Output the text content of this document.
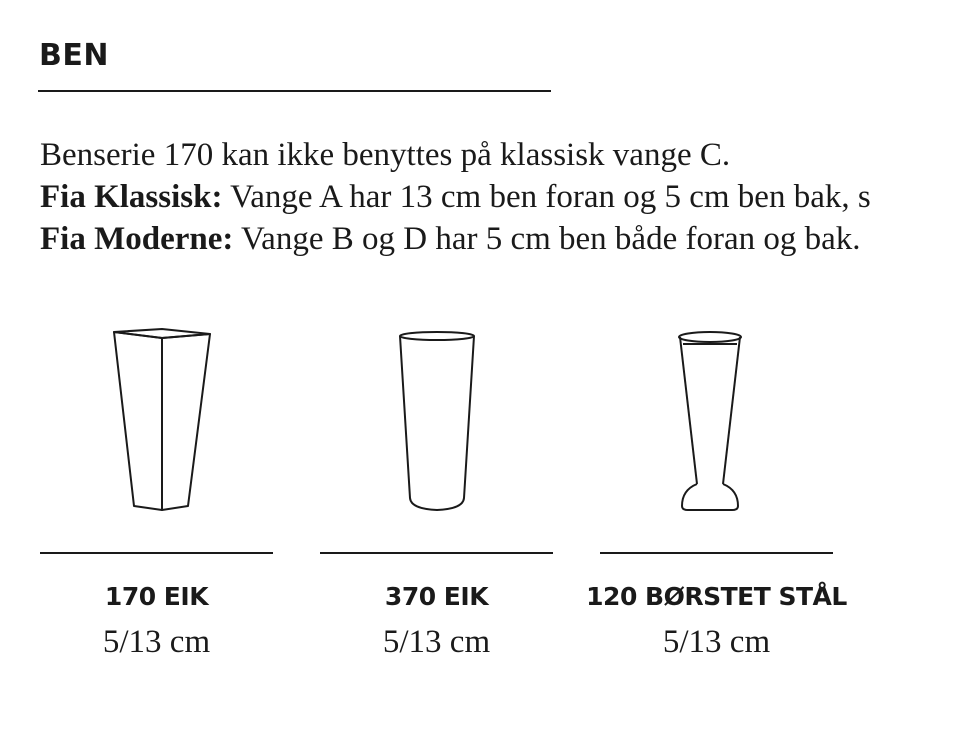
BEN

Benserie 170 kan ikke benyttes på klassisk vange C.

Fia Klassisk: Vange A har 13 cm ben foran og 5 cm ben bak, s

Fia Moderne: Vange B og D har 5 cm ben både foran og bak.

170 EIK
5/13 cm
370 EIK
5/13 cm
120 BØRSTET STÅL
5/13 cm
